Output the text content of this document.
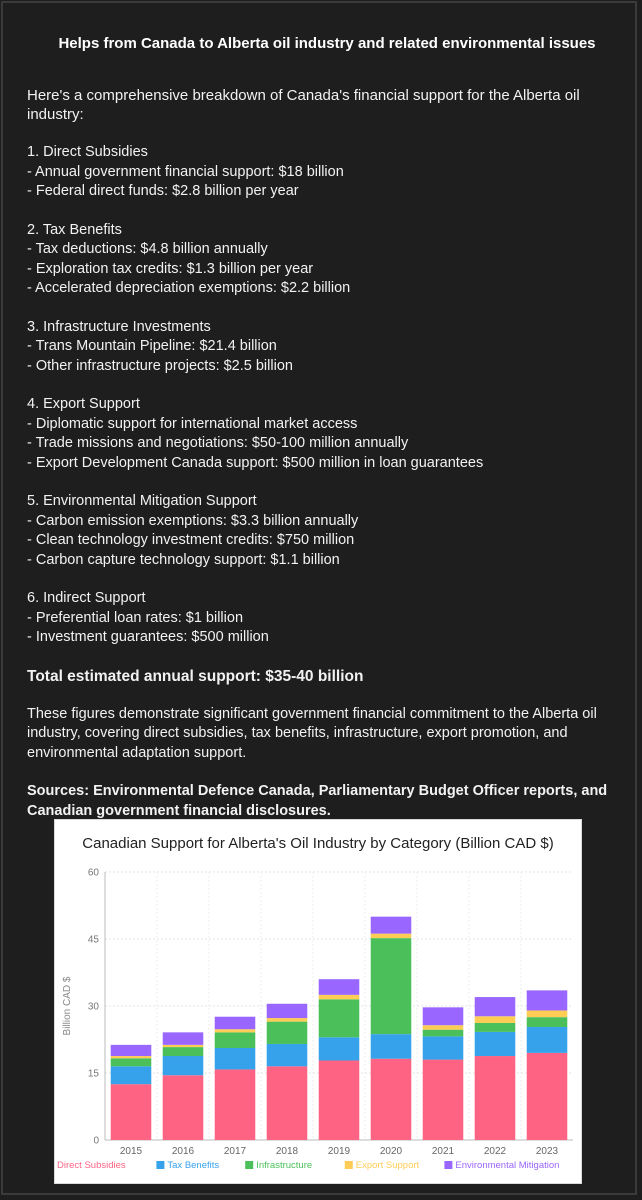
Helps from Canada to Alberta oil industry and related environmental issues
Here's a comprehensive breakdown of Canada's financial support for the Alberta oil industry:
1. Direct Subsidies
- Annual government financial support: $18 billion
- Federal direct funds: $2.8 billion per year
2. Tax Benefits
- Tax deductions: $4.8 billion annually
- Exploration tax credits: $1.3 billion per year
- Accelerated depreciation exemptions: $2.2 billion
3. Infrastructure Investments
- Trans Mountain Pipeline: $21.4 billion
- Other infrastructure projects: $2.5 billion
4. Export Support
- Diplomatic support for international market access
- Trade missions and negotiations: $50-100 million annually
- Export Development Canada support: $500 million in loan guarantees
5. Environmental Mitigation Support
- Carbon emission exemptions: $3.3 billion annually
- Clean technology investment credits: $750 million
- Carbon capture technology support: $1.1 billion
6. Indirect Support
- Preferential loan rates: $1 billion
- Investment guarantees: $500 million
Total estimated annual support: $35-40 billion
These figures demonstrate significant government financial commitment to the Alberta oil industry, covering direct subsidies, tax benefits, infrastructure, export promotion, and environmental adaptation support.
Sources: Environmental Defence Canada, Parliamentary Budget Officer reports, and Canadian government financial disclosures.
Canadian Support for Alberta's Oil Industry by Category (Billion CAD $)
0
15
30
45
60
Billion CAD $
2015	2016	2017	2018	2019	2020	2021	2022	2023
Direct Subsidies	Tax Benefits	Infrastructure	Export Support	Environmental Mitigation
